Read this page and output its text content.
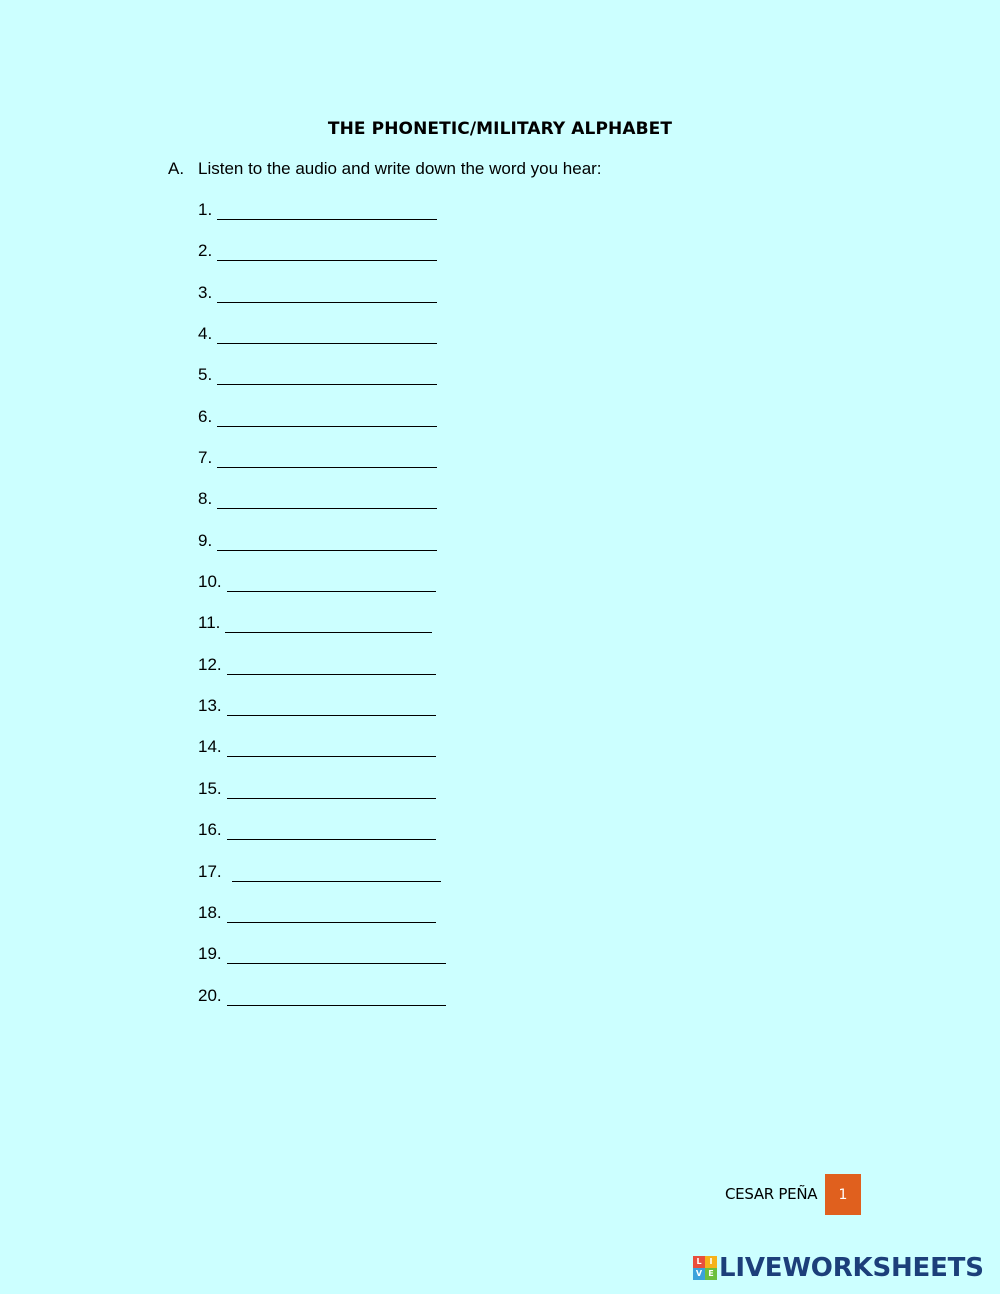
THE PHONETIC/MILITARY ALPHABET
A. Listen to the audio and write down the word you hear:
1.
2.
3.
4.
5.
6.
7.
8.
9.
10.
11.
12.
13.
14.
15.
16.
17.
18.
19.
20.
CESAR PEÑA 1
L I
V E LIVEWORKSHEETS
